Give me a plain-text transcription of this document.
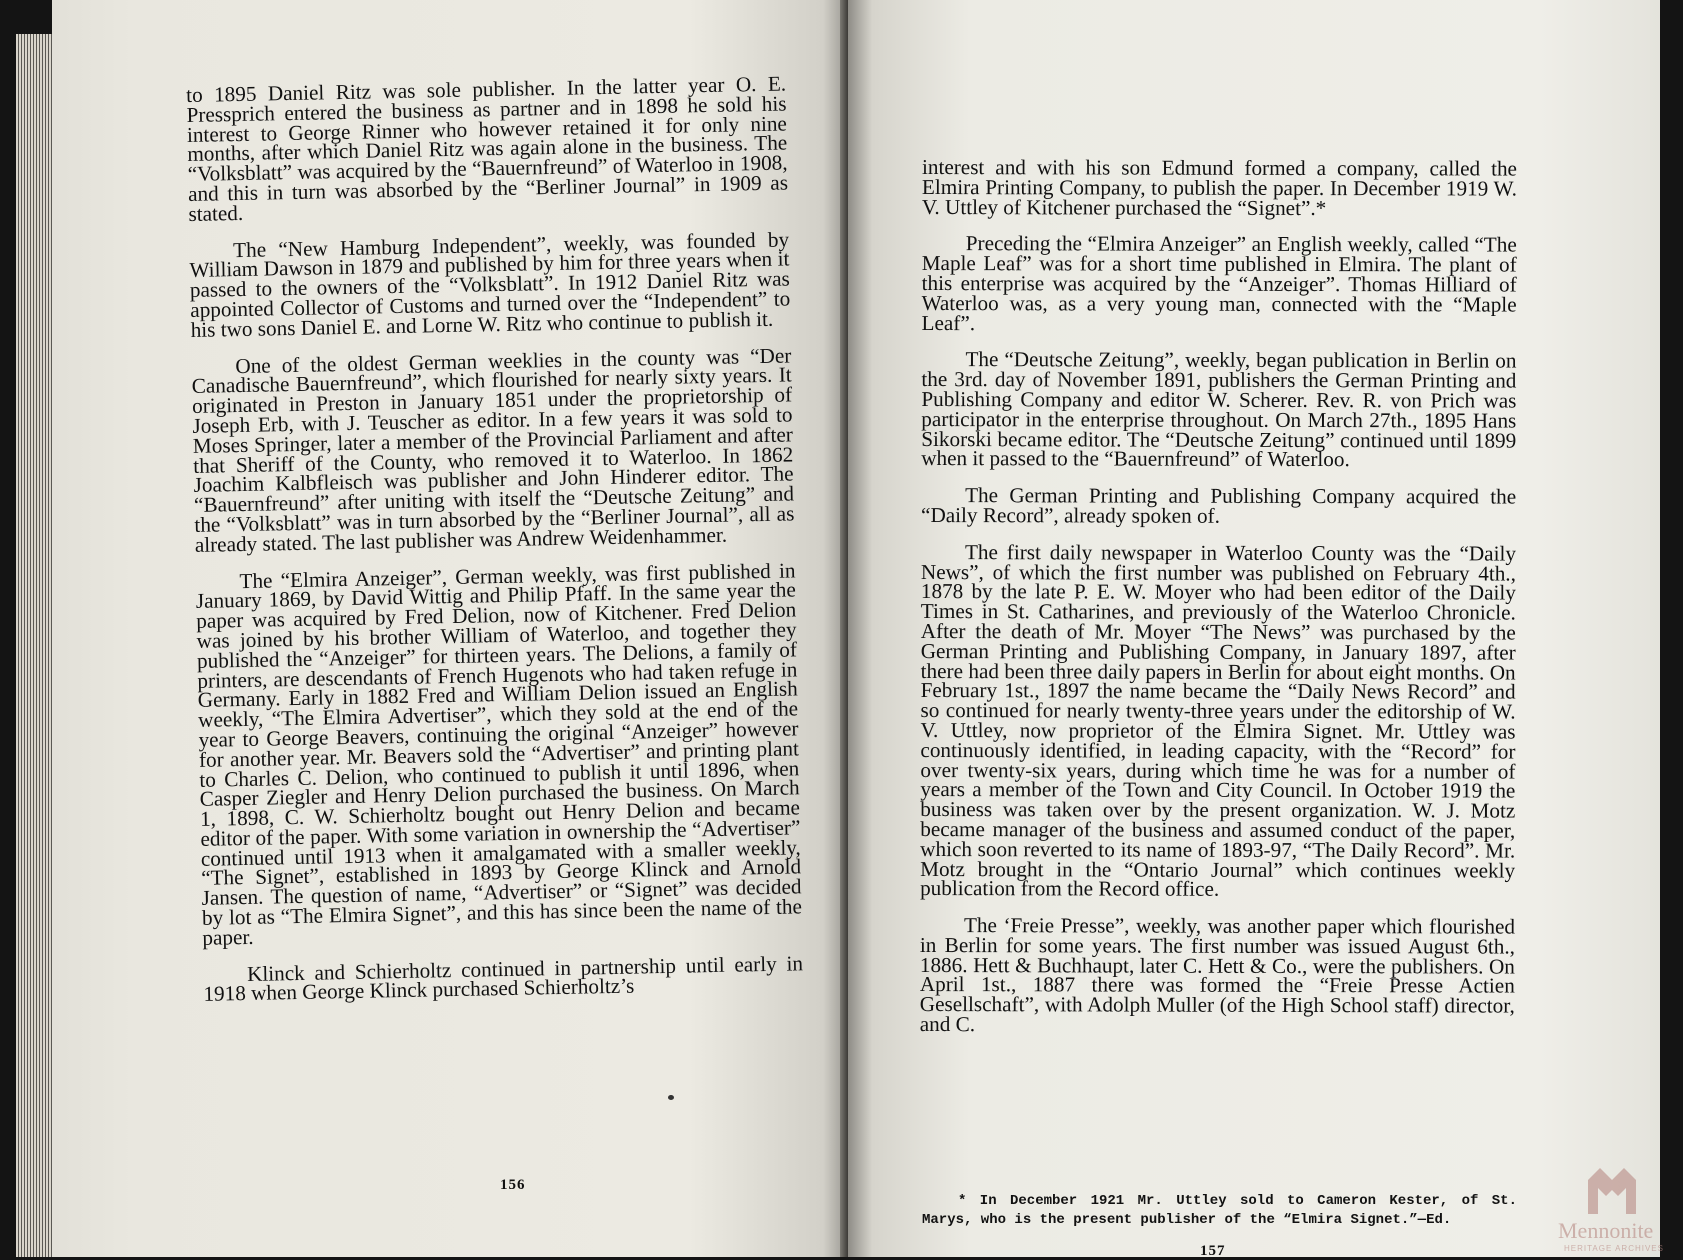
to 1895 Daniel Ritz was sole publisher. In the latter year O. E. Pressprich entered the business as partner and in 1898 he sold his interest to George Rinner who however retained it for only nine months, after which Daniel Ritz was again alone in the business. The “Volksblatt” was acquired by the “Bauernfreund” of Waterloo in 1908, and this in turn was absorbed by the “Berliner Journal” in 1909 as stated.

The “New Hamburg Independent”, weekly, was founded by William Dawson in 1879 and published by him for three years when it passed to the owners of the “Volksblatt”. In 1912 Daniel Ritz was appointed Collector of Customs and turned over the “Independent” to his two sons Daniel E. and Lorne W. Ritz who continue to publish it.

One of the oldest German weeklies in the county was “Der Canadische Bauernfreund”, which flourished for nearly sixty years. It originated in Preston in January 1851 under the proprietorship of Joseph Erb, with J. Teuscher as editor. In a few years it was sold to Moses Springer, later a member of the Provincial Parliament and after that Sheriff of the County, who removed it to Waterloo. In 1862 Joachim Kalbfleisch was publisher and John Hinderer editor. The “Bauernfreund” after uniting with itself the “Deutsche Zeitung” and the “Volksblatt” was in turn absorbed by the “Berliner Journal”, all as already stated. The last publisher was Andrew Weidenhammer.

The “Elmira Anzeiger”, German weekly, was first published in January 1869, by David Wittig and Philip Pfaff. In the same year the paper was acquired by Fred Delion, now of Kitchener. Fred Delion was joined by his brother William of Waterloo, and together they published the “Anzeiger” for thirteen years. The Delions, a family of printers, are descendants of French Hugenots who had taken refuge in Germany. Early in 1882 Fred and William Delion issued an English weekly, “The Elmira Advertiser”, which they sold at the end of the year to George Beavers, continuing the original “Anzeiger” however for another year. Mr. Beavers sold the “Advertiser” and printing plant to Charles C. Delion, who continued to publish it until 1896, when Casper Ziegler and Henry Delion purchased the business. On March 1, 1898, C. W. Schierholtz bought out Henry Delion and became editor of the paper. With some variation in ownership the “Advertiser” continued until 1913 when it amalgamated with a smaller weekly, “The Signet”, established in 1893 by George Klinck and Arnold Jansen. The question of name, “Advertiser” or “Signet” was decided by lot as “The Elmira Signet”, and this has since been the name of the paper.

Klinck and Schierholtz continued in partnership until early in 1918 when George Klinck purchased Schierholtz’s

156

interest and with his son Edmund formed a company, called the Elmira Printing Company, to publish the paper. In December 1919 W. V. Uttley of Kitchener purchased the “Signet”.*

Preceding the “Elmira Anzeiger” an English weekly, called “The Maple Leaf” was for a short time published in Elmira. The plant of this enterprise was acquired by the “Anzeiger”. Thomas Hilliard of Waterloo was, as a very young man, connected with the “Maple Leaf”.

The “Deutsche Zeitung”, weekly, began publication in Berlin on the 3rd. day of November 1891, publishers the German Printing and Publishing Company and editor W. Scherer. Rev. R. von Prich was participator in the enterprise throughout. On March 27th., 1895 Hans Sikorski became editor. The “Deutsche Zeitung” continued until 1899 when it passed to the “Bauernfreund” of Waterloo.

The German Printing and Publishing Company acquired the “Daily Record”, already spoken of.

The first daily newspaper in Waterloo County was the “Daily News”, of which the first number was published on February 4th., 1878 by the late P. E. W. Moyer who had been editor of the Daily Times in St. Catharines, and previously of the Waterloo Chronicle. After the death of Mr. Moyer “The News” was purchased by the German Printing and Publishing Company, in January 1897, after there had been three daily papers in Berlin for about eight months. On February 1st., 1897 the name became the “Daily News Record” and so continued for nearly twenty-three years under the editorship of W. V. Uttley, now proprietor of the Elmira Signet. Mr. Uttley was continuously identified, in leading capacity, with the “Record” for over twenty-six years, during which time he was for a number of years a member of the Town and City Council. In October 1919 the business was taken over by the present organization. W. J. Motz became manager of the business and assumed conduct of the paper, which soon reverted to its name of 1893-97, “The Daily Record”. Mr. Motz brought in the “Ontario Journal” which continues weekly publication from the Record office.

The ‘Freie Presse”, weekly, was another paper which flourished in Berlin for some years. The first number was issued August 6th., 1886. Hett & Buchhaupt, later C. Hett & Co., were the publishers. On April 1st., 1887 there was formed the “Freie Presse Actien Gesellschaft”, with Adolph Muller (of the High School staff) director, and C.

* In December 1921 Mr. Uttley sold to Cameron Kester, of St. Marys, who is the present publisher of the “Elmira Signet.”—Ed.
157
Mennonite
HERITAGE ARCHIVES
